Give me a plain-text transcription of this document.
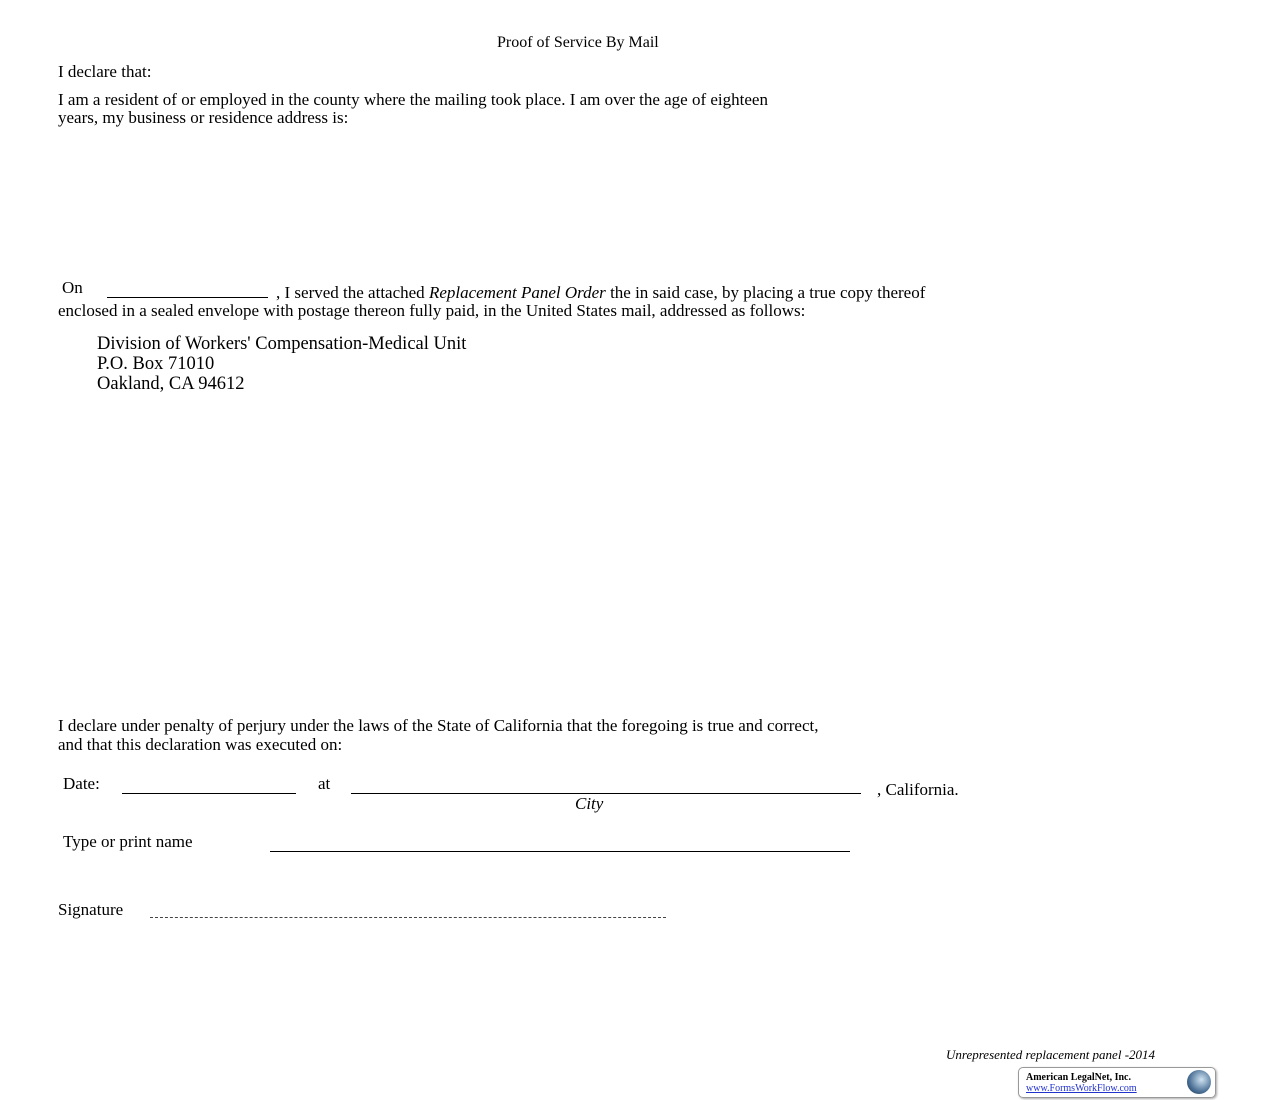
Proof of Service By Mail
I declare that:
I am a resident of or employed in the county where the mailing took place. I am over the age of eighteen
years, my business or residence address is:
On	, I served the attached Replacement Panel Order the in said case, by placing a true copy thereof
enclosed in a sealed envelope with postage thereon fully paid, in the United States mail, addressed as follows:
Division of Workers' Compensation-Medical Unit
P.O. Box 71010
Oakland, CA 94612
I declare under penalty of perjury under the laws of the State of California that the foregoing is true and correct,
and that this declaration was executed on:
Date:	at	, California.
City
Type or print name
Signature
Unrepresented replacement panel -2014
American LegalNet, Inc.
www.FormsWorkFlow.com
